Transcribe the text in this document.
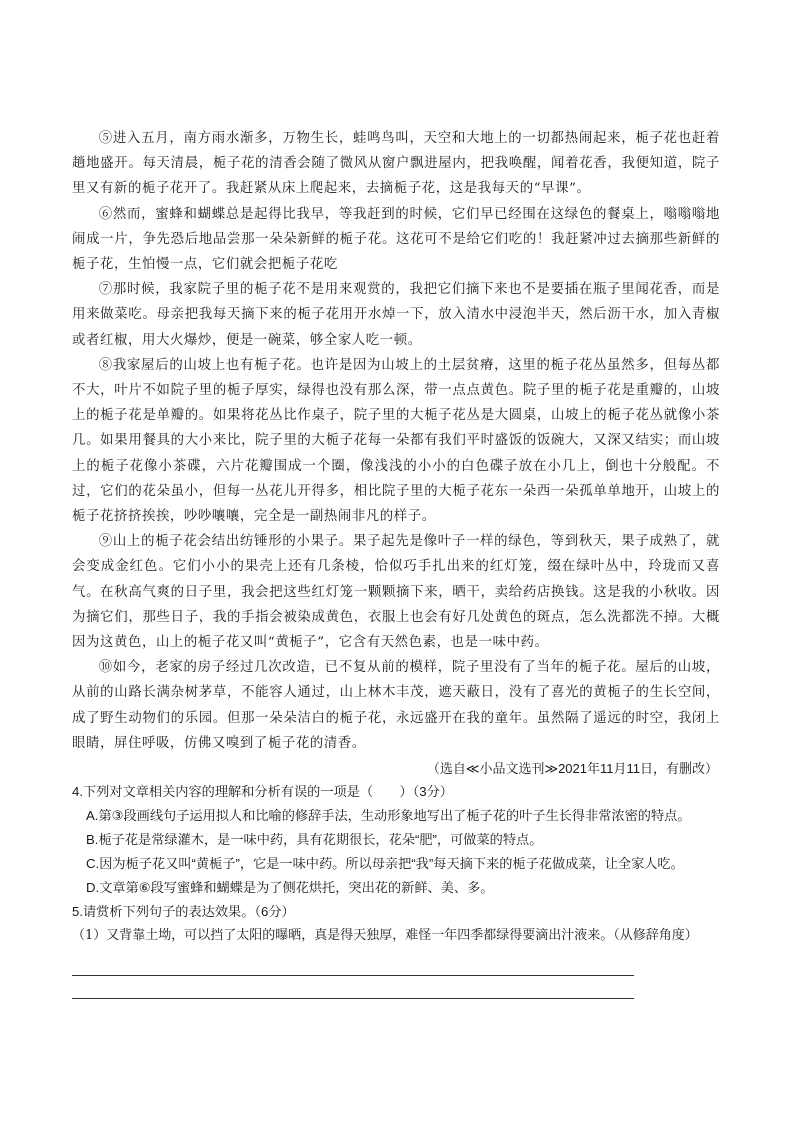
⑤进入五月，南方雨水渐多，万物生长，蛙鸣鸟叫，天空和大地上的一切都热闹起来，栀子花也赶着趟地盛开。每天清晨，栀子花的清香会随了微风从窗户飘进屋内，把我唤醒，闻着花香，我便知道，院子里又有新的栀子花开了。我赶紧从床上爬起来，去摘栀子花，这是我每天的“早课”。

⑥然而，蜜蜂和蝴蝶总是起得比我早，等我赶到的时候，它们早已经围在这绿色的餐桌上，嗡嗡嗡地闹成一片，争先恐后地品尝那一朵朵新鲜的栀子花。这花可不是给它们吃的！我赶紧冲过去摘那些新鲜的栀子花，生怕慢一点，它们就会把栀子花吃

⑦那时候，我家院子里的栀子花不是用来观赏的，我把它们摘下来也不是要插在瓶子里闻花香，而是用来做菜吃。母亲把我每天摘下来的栀子花用开水焯一下，放入清水中浸泡半天，然后沥干水，加入青椒或者红椒，用大火爆炒，便是一碗菜，够全家人吃一顿。

⑧我家屋后的山坡上也有栀子花。也许是因为山坡上的土层贫瘠，这里的栀子花丛虽然多，但每丛都不大，叶片不如院子里的栀子厚实，绿得也没有那么深，带一点点黄色。院子里的栀子花是重瓣的，山坡上的栀子花是单瓣的。如果将花丛比作桌子，院子里的大栀子花丛是大圆桌，山坡上的栀子花丛就像小茶几。如果用餐具的大小来比，院子里的大栀子花每一朵都有我们平时盛饭的饭碗大，又深又结实；而山坡上的栀子花像小茶碟，六片花瓣围成一个圈，像浅浅的小小的白色碟子放在小几上，倒也十分般配。不过，它们的花朵虽小，但每一丛花儿开得多，相比院子里的大栀子花东一朵西一朵孤单单地开，山坡上的栀子花挤挤挨挨，吵吵嚷嚷，完全是一副热闹非凡的样子。

⑨山上的栀子花会结出纺锤形的小果子。果子起先是像叶子一样的绿色，等到秋天，果子成熟了，就会变成金红色。它们小小的果壳上还有几条棱，恰似巧手扎出来的红灯笼，缀在绿叶丛中，玲珑而又喜气。在秋高气爽的日子里，我会把这些红灯笼一颗颗摘下来，晒干，卖给药店换钱。这是我的小秋收。因为摘它们，那些日子，我的手指会被染成黄色，衣服上也会有好几处黄色的斑点，怎么洗都洗不掉。大概因为这黄色，山上的栀子花又叫“黄栀子”，它含有天然色素，也是一味中药。

⑩如今，老家的房子经过几次改造，已不复从前的模样，院子里没有了当年的栀子花。屋后的山坡，从前的山路长满杂树茅草，不能容人通过，山上林木丰茂，遮天蔽日，没有了喜光的黄栀子的生长空间，成了野生动物们的乐园。但那一朵朵洁白的栀子花，永远盛开在我的童年。虽然隔了遥远的时空，我闭上眼睛，屏住呼吸，仿佛又嗅到了栀子花的清香。

（选自≪小品文选刊≫2021年11月11日，有删改）

4.下列对文章相关内容的理解和分析有误的一项是（　　）（3分）

A.第③段画线句子运用拟人和比喻的修辞手法，生动形象地写出了栀子花的叶子生长得非常浓密的特点。

B.栀子花是常绿灌木，是一味中药，具有花期很长，花朵“肥”，可做菜的特点。

C.因为栀子花又叫“黄栀子”，它是一味中药。所以母亲把“我”每天摘下来的栀子花做成菜，让全家人吃。

D.文章第⑥段写蜜蜂和蝴蝶是为了侧花烘托，突出花的新鲜、美、多。

5.请赏析下列句子的表达效果。（6分）

（1）又背靠土坳，可以挡了太阳的曝晒，真是得天独厚，难怪一年四季都绿得要滴出汁液来。（从修辞角度）
